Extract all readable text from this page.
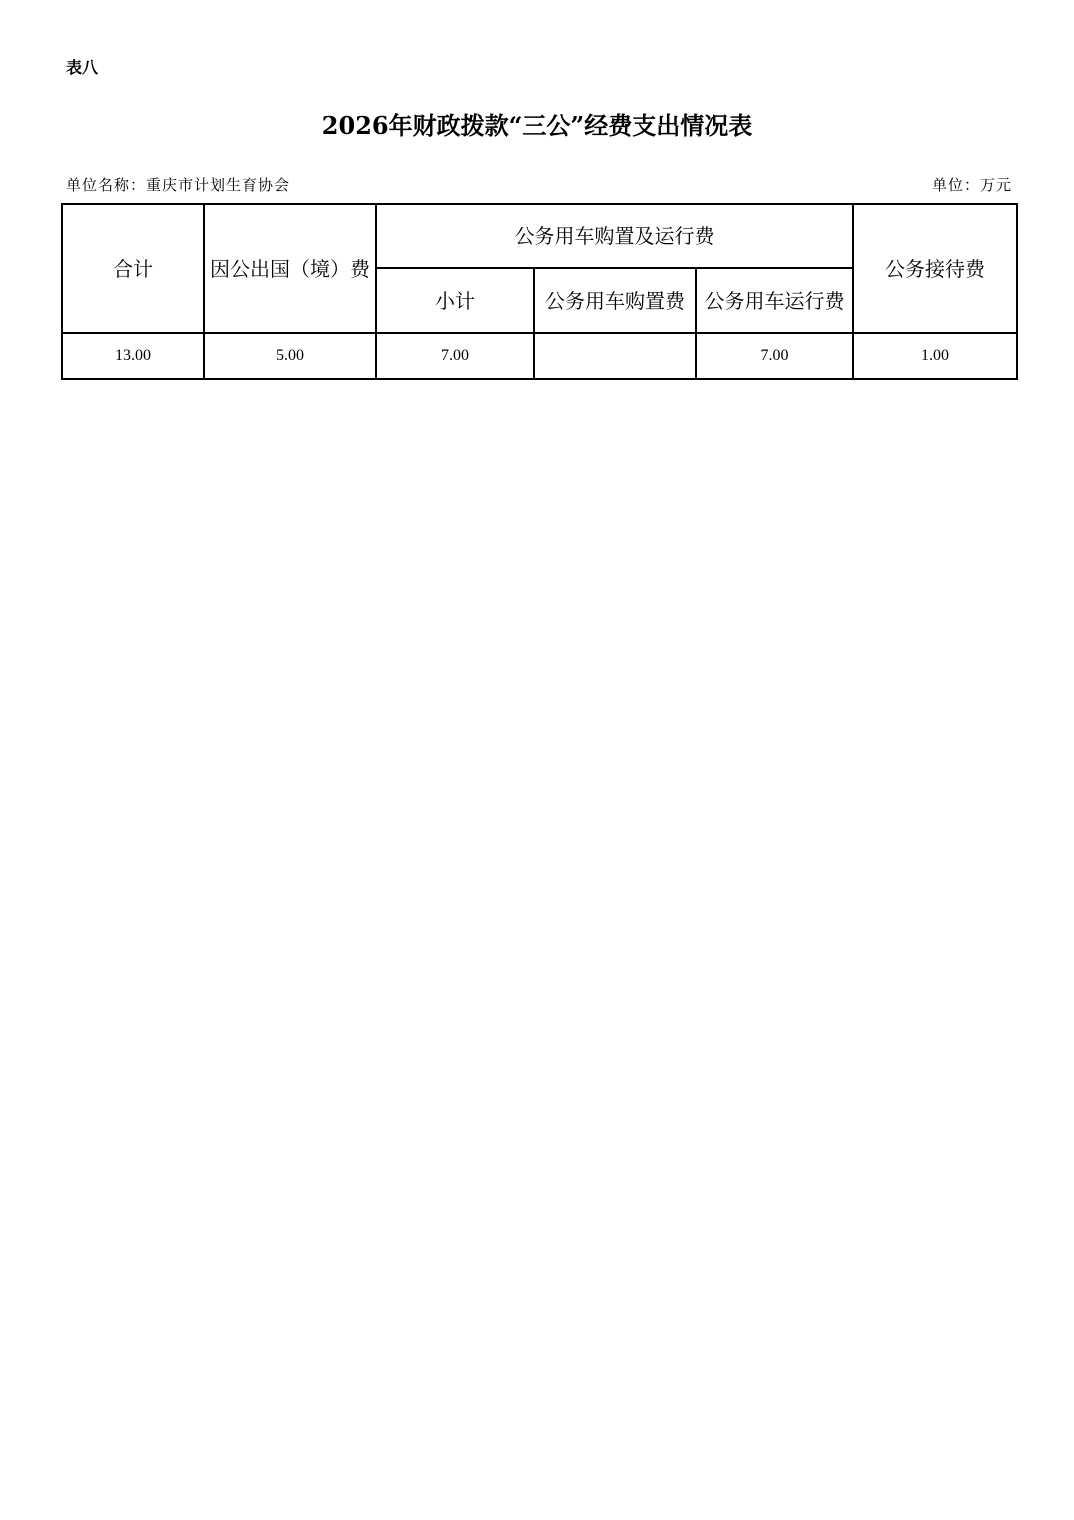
表八
2026年财政拨款“三公”经费支出情况表
单位名称：重庆市计划生育协会	单位：万元
合计	因公出国（境）费	公务用车购置及运行费			公务接待费
		小计	公务用车购置费	公务用车运行费	
13.00	5.00	7.00		7.00	1.00
